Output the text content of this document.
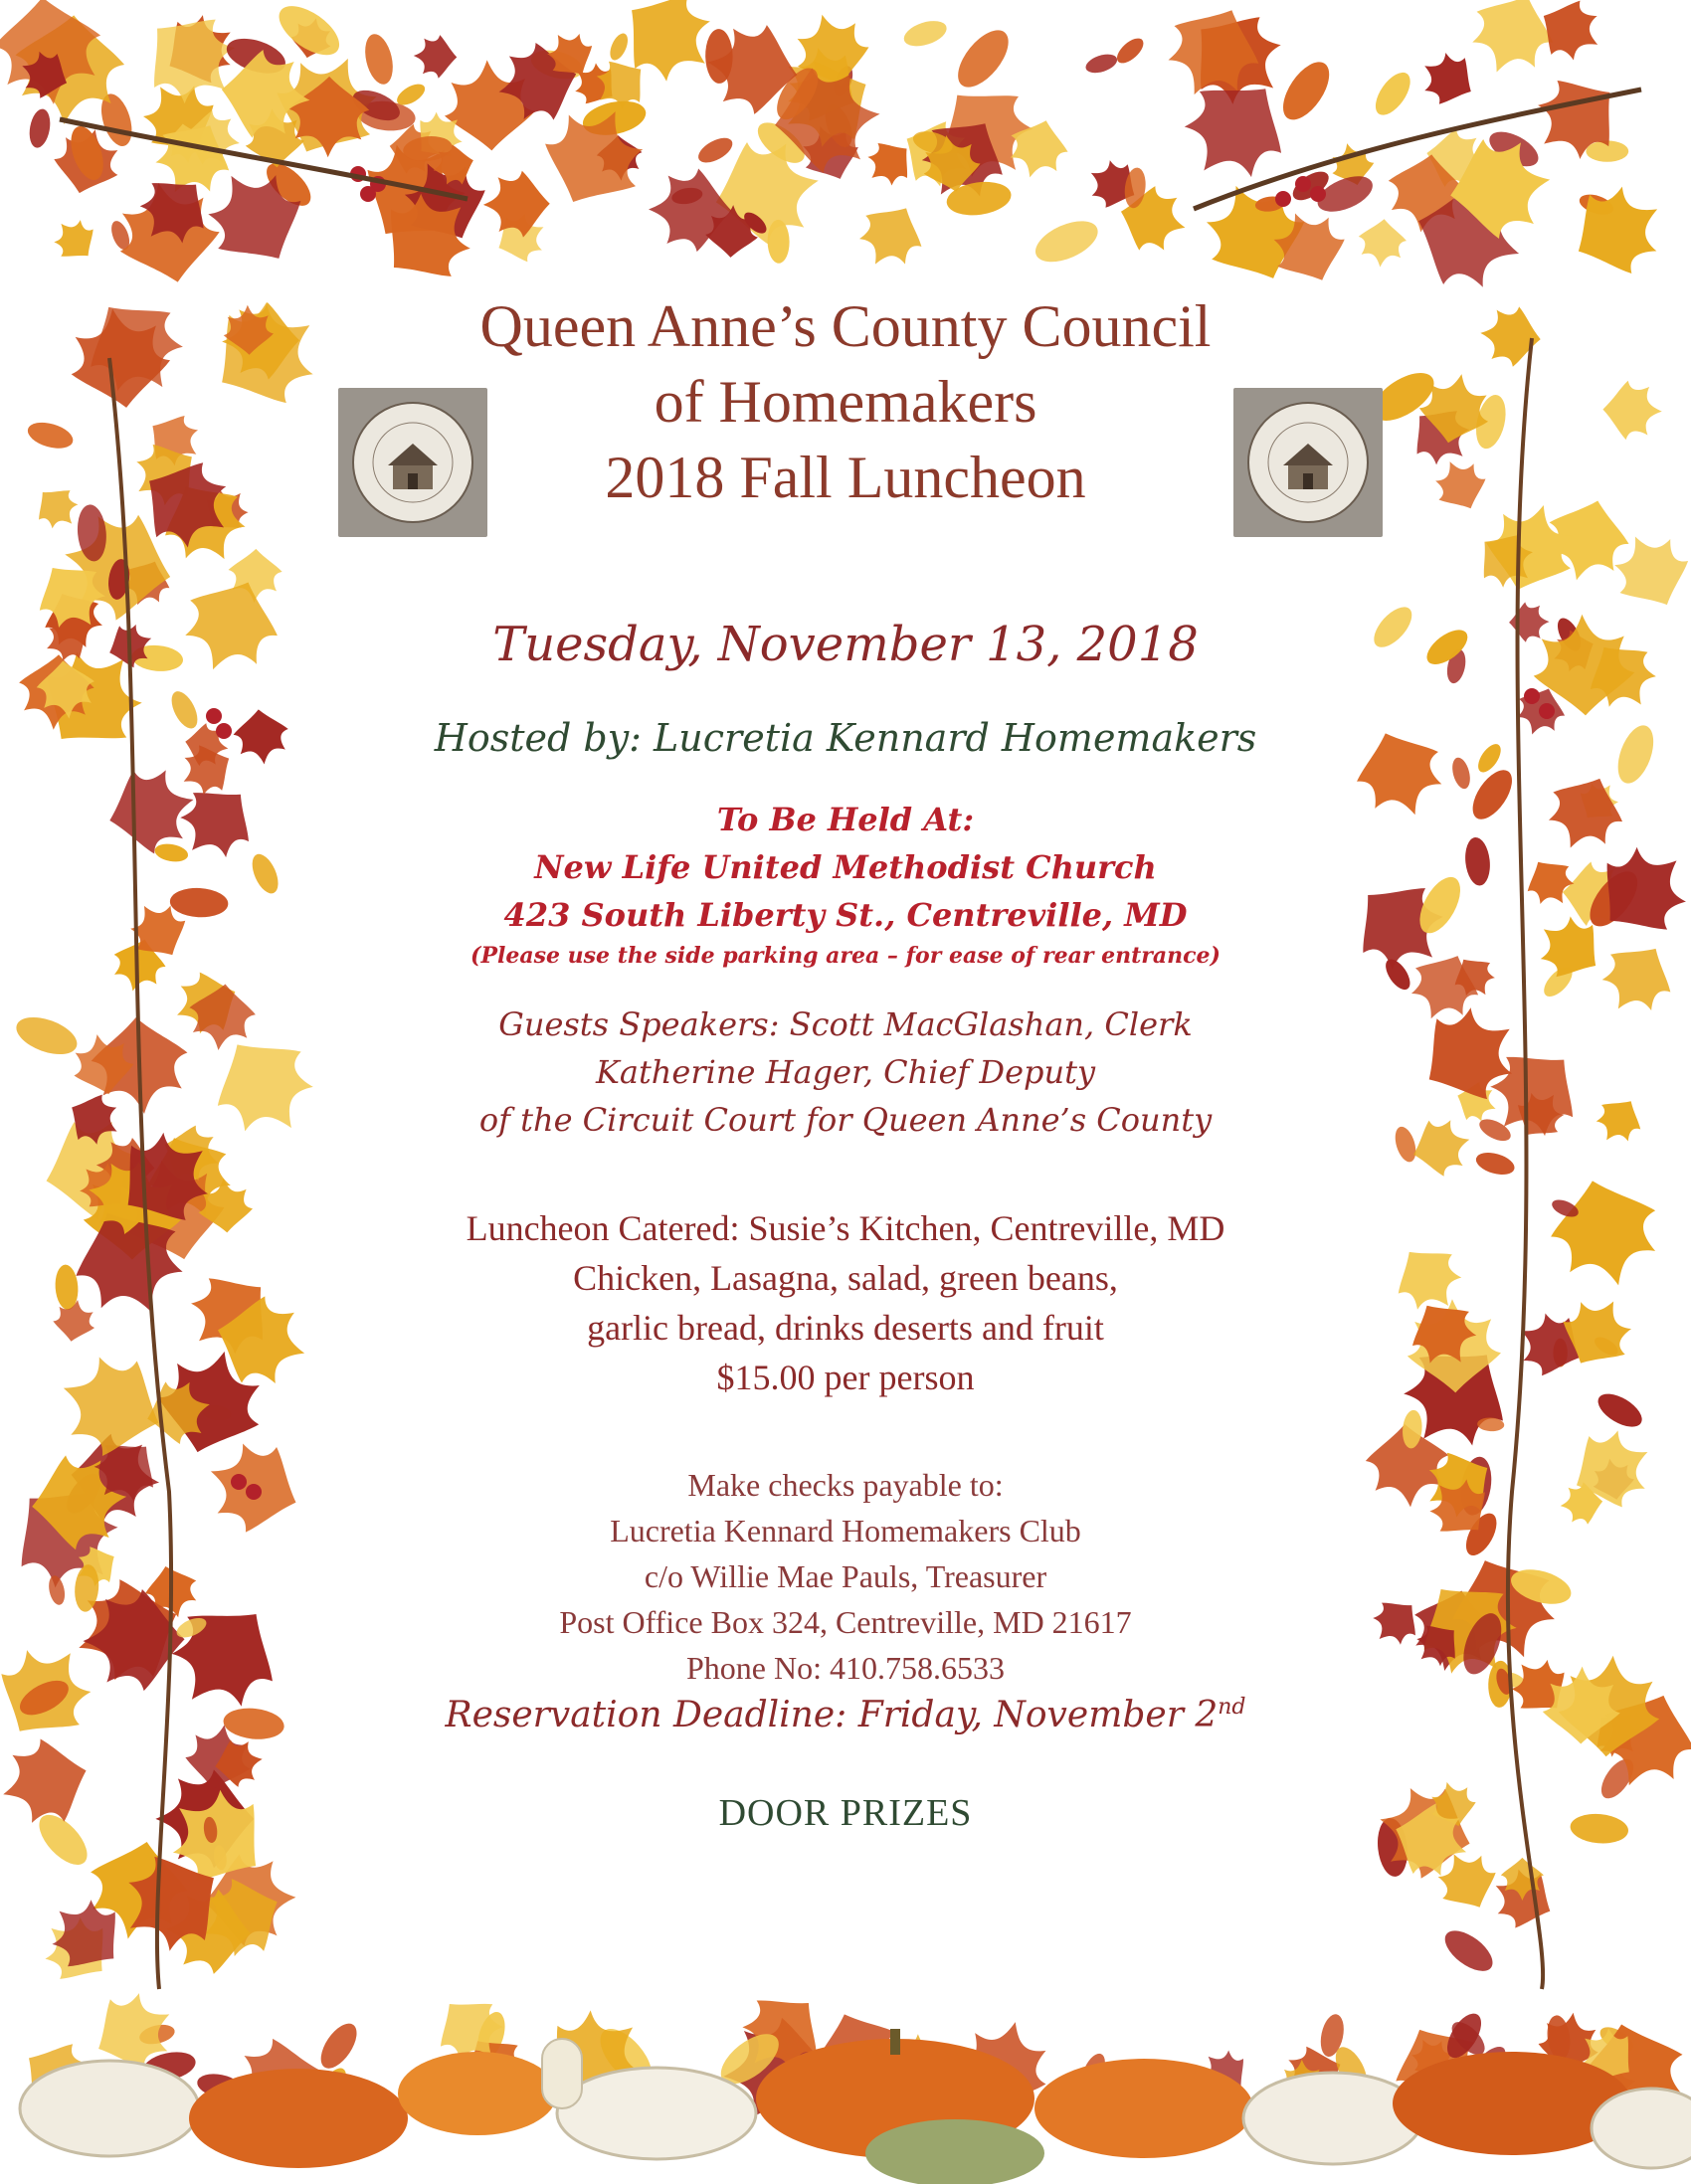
Queen Anne’s County Council

of Homemakers

2018 Fall Luncheon

Tuesday, November 13, 2018
Hosted by: Lucretia Kennard Homemakers
To Be Held At:
New Life United Methodist Church
423 South Liberty St., Centreville, MD
(Please use the side parking area – for ease of rear entrance)
Guests Speakers: Scott MacGlashan, Clerk
Katherine Hager, Chief Deputy
of the Circuit Court for Queen Anne’s County
Luncheon Catered: Susie’s Kitchen, Centreville, MD
Chicken, Lasagna, salad, green beans,
garlic bread, drinks deserts and fruit
$15.00 per person
Make checks payable to:
Lucretia Kennard Homemakers Club
c/o Willie Mae Pauls, Treasurer
Post Office Box 324, Centreville, MD 21617
Phone No: 410.758.6533
Reservation Deadline: Friday, November 2nd
DOOR PRIZES
